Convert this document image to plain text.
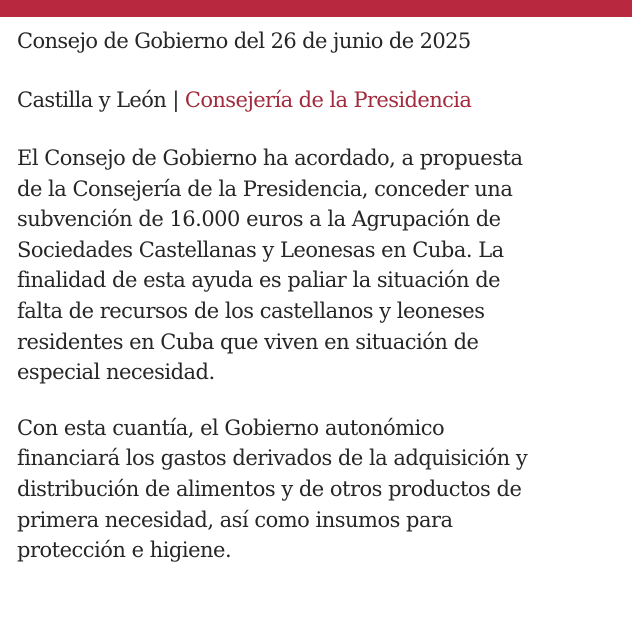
Consejo de Gobierno del 26 de junio de 2025
Castilla y León | Consejería de la Presidencia

El Consejo de Gobierno ha acordado, a propuesta
de la Consejería de la Presidencia, conceder una
subvención de 16.000 euros a la Agrupación de
Sociedades Castellanas y Leonesas en Cuba. La
finalidad de esta ayuda es paliar la situación de
falta de recursos de los castellanos y leoneses
residentes en Cuba que viven en situación de
especial necesidad.

Con esta cuantía, el Gobierno autonómico
financiará los gastos derivados de la adquisición y
distribución de alimentos y de otros productos de
primera necesidad, así como insumos para
protección e higiene.
